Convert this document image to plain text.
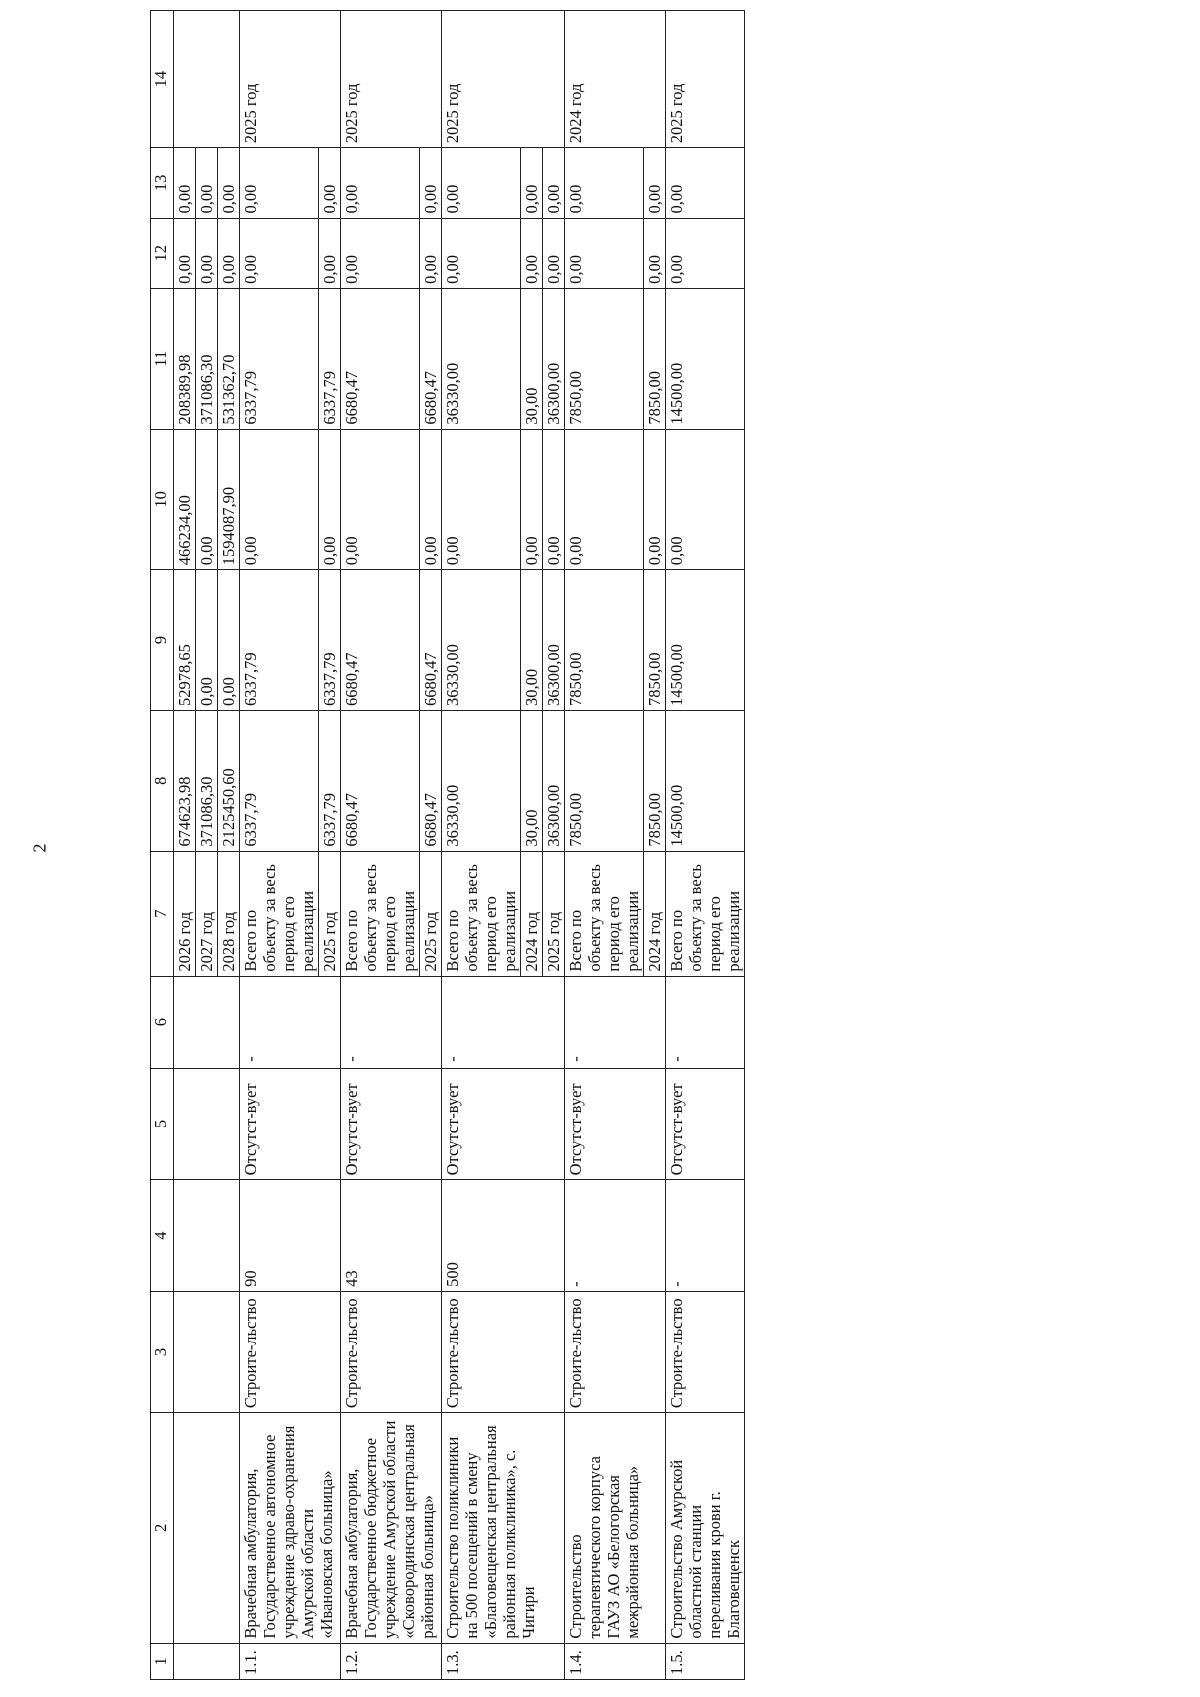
2
1	2	3	4	5	6	7	8	9	10	11	12	13	14
						2026 год	674623,98	52978,65	466234,00	208389,98	0,00	0,00	
						2027 год	371086,30	0,00	0,00	371086,30	0,00	0,00	
						2028 год	2125450,60	0,00	1594087,90	531362,70	0,00	0,00	
1.1.	Врачебная амбулатория, Государственное автономное учреждение здраво-охранения Амурской области «Ивановская больница»	Строите-льство	90	Отсутст-вует	-	Всего по объекту за весь период его реализации	6337,79	6337,79	0,00	6337,79	0,00	0,00	2025 год
						2025 год	6337,79	6337,79	0,00	6337,79	0,00	0,00	
1.2.	Врачебная амбулатория, Государственное бюджетное учреждение Амурской области «Сковородинская центральная районная больница»	Строите-льство	43	Отсутст-вует	-	Всего по объекту за весь период его реализации	6680,47	6680,47	0,00	6680,47	0,00	0,00	2025 год
						2025 год	6680,47	6680,47	0,00	6680,47	0,00	0,00	
1.3.	Строительство поликлиники на 500 посещений в смену «Благовещенская центральная районная поликлиника», с. Чигири	Строите-льство	500	Отсутст-вует	-	Всего по объекту за весь период его реализации	36330,00	36330,00	0,00	36330,00	0,00	0,00	2025 год
						2024 год	30,00	30,00	0,00	30,00	0,00	0,00	
						2025 год	36300,00	36300,00	0,00	36300,00	0,00	0,00	
1.4.	Строительство терапевтического корпуса ГАУЗ АО «Белогорская межрайонная больница»	Строите-льство	-	Отсутст-вует	-	Всего по объекту за весь период его реализации	7850,00	7850,00	0,00	7850,00	0,00	0,00	2024 год
						2024 год	7850,00	7850,00	0,00	7850,00	0,00	0,00	
1.5.	Строительство Амурской областной станции переливания крови г. Благовещенск	Строите-льство	-	Отсутст-вует	-	Всего по объекту за весь период его реализации	14500,00	14500,00	0,00	14500,00	0,00	0,00	2025 год
